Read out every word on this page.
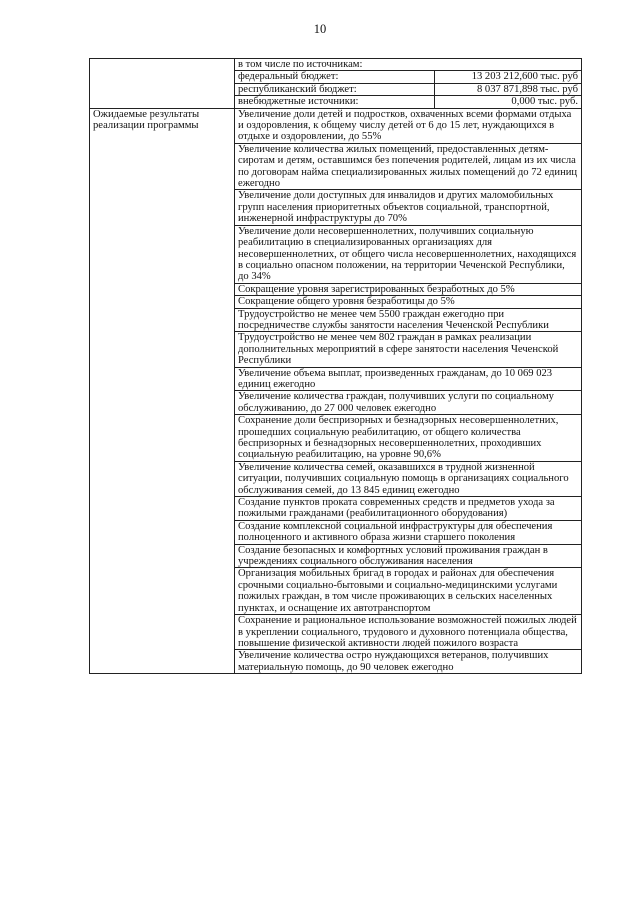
10
	в том числе по источникам:

	федеральный бюджет: 13 203 212,600 тыс. руб

	республиканский бюджет: 8 037 871,898 тыс. руб

	внебюджетные источники: 0,000 тыс. руб.

Ожидаемые результаты реализации программы	Увеличение доли детей и подростков, охваченных всеми формами отдыха и оздоровления, к общему числу детей от 6 до 15 лет, нуждающихся в отдыхе и оздоровлении, до 55%
	Увеличение количества жилых помещений, предоставленных детям-сиротам и детям, оставшимся без попечения родителей, лицам из их числа по договорам найма специализированных жилых помещений до 72 единиц ежегодно
	Увеличение доли доступных для инвалидов и других маломобильных групп населения приоритетных объектов социальной, транспортной, инженерной инфраструктуры до 70%
	Увеличение доли несовершеннолетних, получивших социальную реабилитацию в специализированных организациях для несовершеннолетних, от общего числа несовершеннолетних, находящихся в социально опасном положении, на территории Чеченской Республики, до 34%
	Сокращение уровня зарегистрированных безработных до 5%
	Сокращение общего уровня безработицы до 5%
	Трудоустройство не менее чем 5500 граждан ежегодно при посредничестве службы занятости населения Чеченской Республики
	Трудоустройство не менее чем 802 граждан в рамках реализации дополнительных мероприятий в сфере занятости населения Чеченской Республики
	Увеличение объема выплат, произведенных гражданам, до 10 069 023 единиц ежегодно
	Увеличение количества граждан, получивших услуги по социальному обслуживанию, до 27 000 человек ежегодно
	Сохранение доли беспризорных и безнадзорных несовершеннолетних, прошедших социальную реабилитацию, от общего количества беспризорных и безнадзорных несовершеннолетних, проходивших социальную реабилитацию, на уровне 90,6%
	Увеличение количества семей, оказавшихся в трудной жизненной ситуации, получивших социальную помощь в организациях социального обслуживания семей, до 13 845 единиц ежегодно
	Создание пунктов проката современных средств и предметов ухода за пожилыми гражданами (реабилитационного оборудования)
	Создание комплексной социальной инфраструктуры для обеспечения полноценного и активного образа жизни старшего поколения
	Создание безопасных и комфортных условий проживания граждан в учреждениях социального обслуживания населения
	Организация мобильных бригад в городах и районах для обеспечения срочными социально-бытовыми и социально-медицинскими услугами пожилых граждан, в том числе проживающих в сельских населенных пунктах, и оснащение их автотранспортом
	Сохранение и рациональное использование возможностей пожилых людей в укреплении социального, трудового и духовного потенциала общества, повышение физической активности людей пожилого возраста
	Увеличение количества остро нуждающихся ветеранов, получивших материальную помощь, до 90 человек ежегодно
